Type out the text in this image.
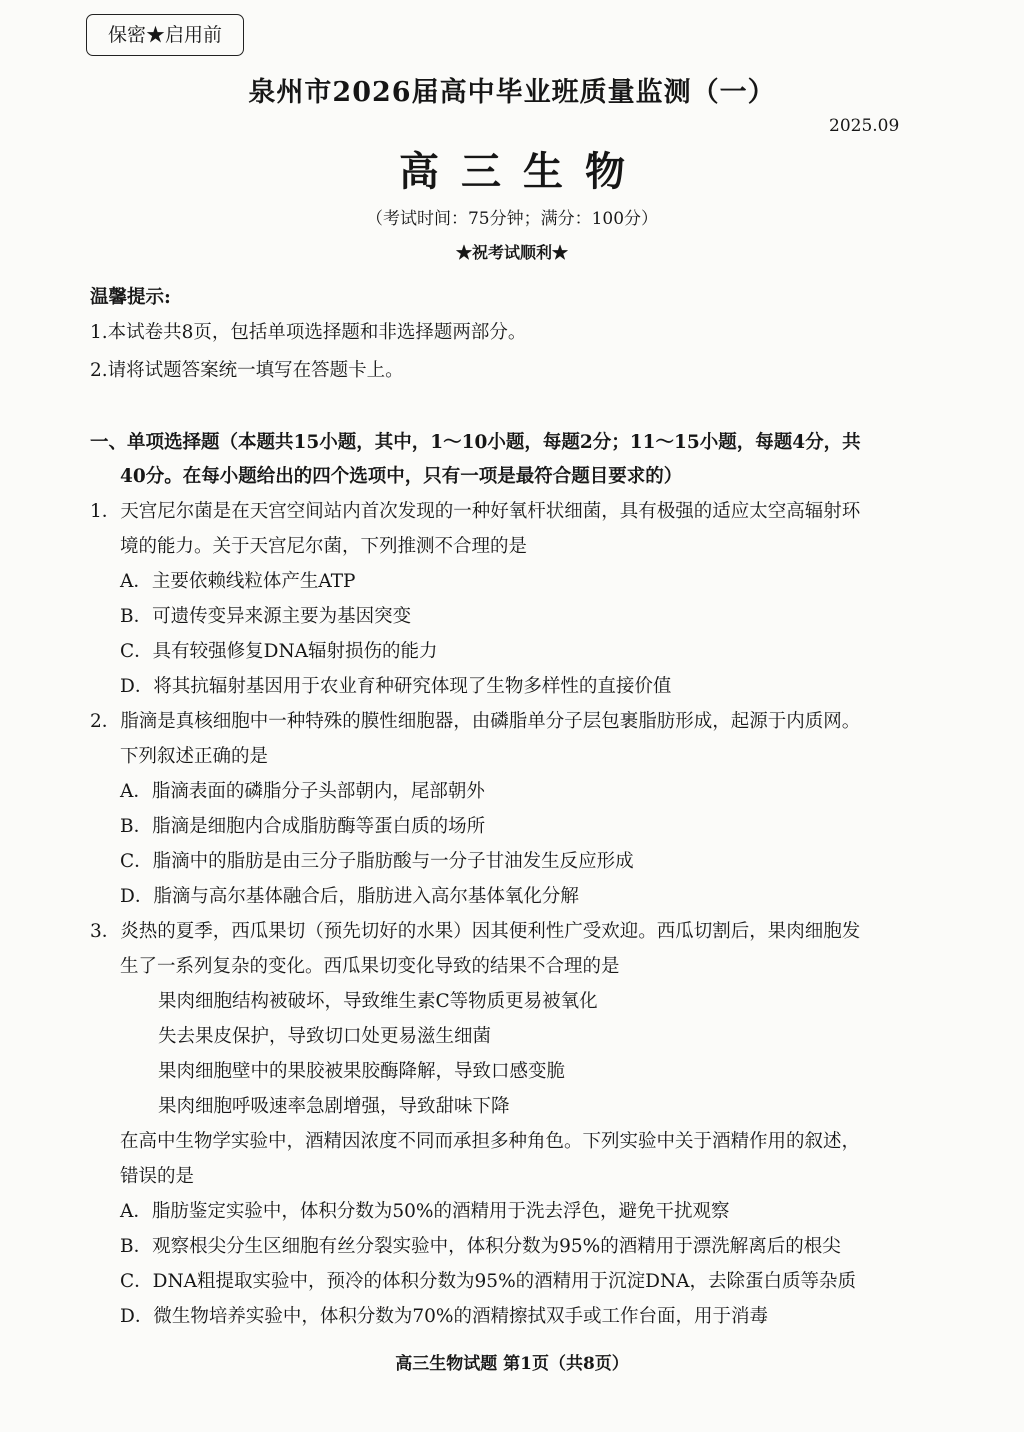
保密★启用前
泉州市2026届高中毕业班质量监测（一）
2025.09
高三生物
（考试时间：75分钟；满分：100分）
★祝考试顺利★
温馨提示:
1.本试卷共8页，包括单项选择题和非选择题两部分。
2.请将试题答案统一填写在答题卡上。
一、单项选择题（本题共15小题，其中，1～10小题，每题2分；11～15小题，每题4分，共
40分。在每小题给出的四个选项中，只有一项是最符合题目要求的）
1．天宫尼尔菌是在天宫空间站内首次发现的一种好氧杆状细菌，具有极强的适应太空高辐射环
境的能力。关于天宫尼尔菌，下列推测不合理的是
A．主要依赖线粒体产生ATP
B．可遗传变异来源主要为基因突变
C．具有较强修复DNA辐射损伤的能力
D．将其抗辐射基因用于农业育种研究体现了生物多样性的直接价值
2．脂滴是真核细胞中一种特殊的膜性细胞器，由磷脂单分子层包裹脂肪形成，起源于内质网。
下列叙述正确的是
A．脂滴表面的磷脂分子头部朝内，尾部朝外
B．脂滴是细胞内合成脂肪酶等蛋白质的场所
C．脂滴中的脂肪是由三分子脂肪酸与一分子甘油发生反应形成
D．脂滴与高尔基体融合后，脂肪进入高尔基体氧化分解
3．炎热的夏季，西瓜果切（预先切好的水果）因其便利性广受欢迎。西瓜切割后，果肉细胞发
生了一系列复杂的变化。西瓜果切变化导致的结果不合理的是
果肉细胞结构被破坏，导致维生素C等物质更易被氧化
失去果皮保护，导致切口处更易滋生细菌
果肉细胞壁中的果胶被果胶酶降解，导致口感变脆
果肉细胞呼吸速率急剧增强，导致甜味下降
在高中生物学实验中，酒精因浓度不同而承担多种角色。下列实验中关于酒精作用的叙述，
错误的是
A．脂肪鉴定实验中，体积分数为50%的酒精用于洗去浮色，避免干扰观察
B．观察根尖分生区细胞有丝分裂实验中，体积分数为95%的酒精用于漂洗解离后的根尖
C．DNA粗提取实验中，预冷的体积分数为95%的酒精用于沉淀DNA，去除蛋白质等杂质
D．微生物培养实验中，体积分数为70%的酒精擦拭双手或工作台面，用于消毒
高三生物试题 第1页（共8页）
